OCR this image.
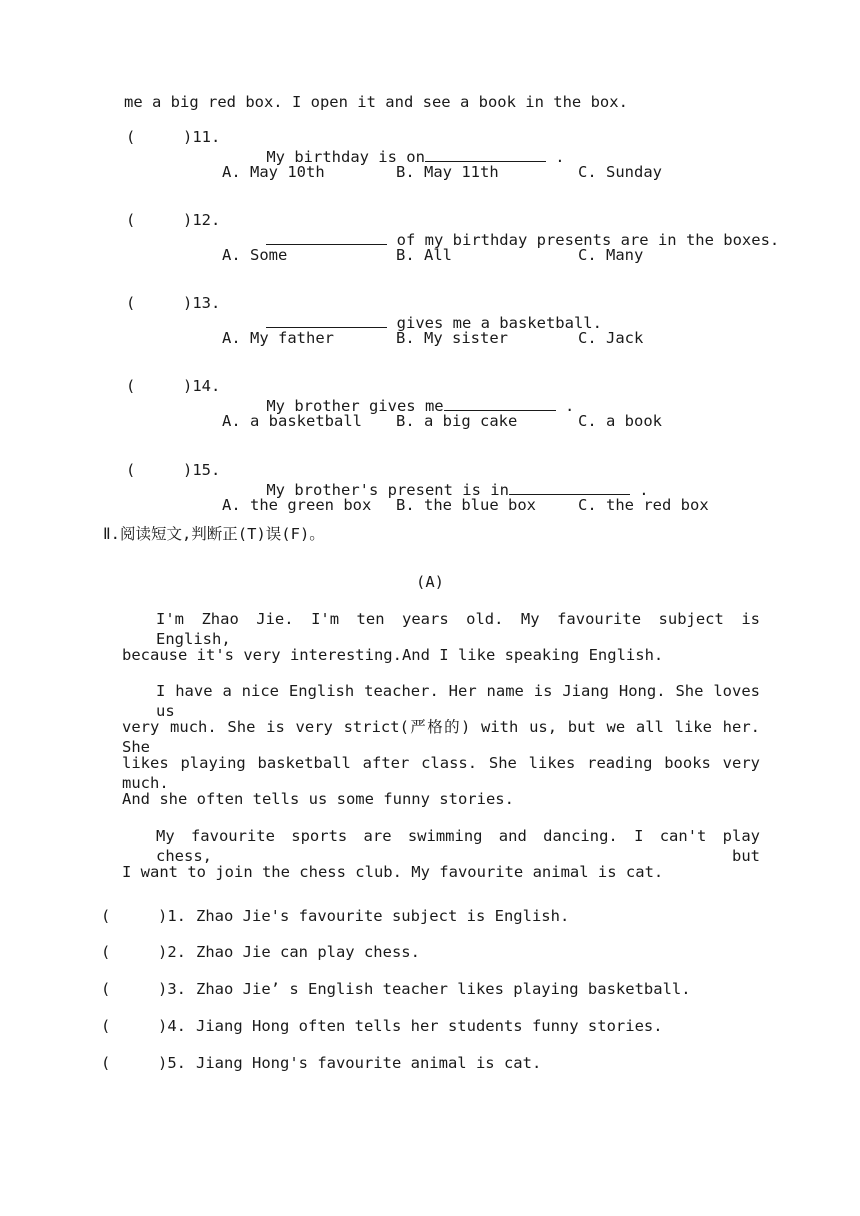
me a big red box. I open it and see a book in the box.
(	)11.

My birthday is on	.

A. May 10th	B. May 11th	C. Sunday
(	)12.

of my birthday presents are in the boxes.

A. Some	B. All	C. Many
(	)13.

gives me a basketball.

A. My father	B. My sister	C. Jack
(	)14.

My brother gives me	.

A. a basketball B. a big cake	C. a book
(	)15.

My brother's present is in	.

A. the green box B. the blue box	C. the red box
Ⅱ.阅读短文,判断正(T)误(F)。
(A)
I'm Zhao Jie. I'm ten years old. My favourite subject is English,
because it's very interesting.And I like speaking English.
I have a nice English teacher. Her name is Jiang Hong. She loves us
very much. She is very strict(严格的) with us, but we all like her. She
likes playing basketball after class. She likes reading books very much.
And she often tells us some funny stories.
My favourite sports are swimming and dancing. I can't play chess, but
I want to join the chess club. My favourite animal is cat.
(	)1. Zhao Jie's favourite subject is English.
(	)2. Zhao Jie can play chess.
(	)3. Zhao Jie’ s English teacher likes playing basketball.
(	)4. Jiang Hong often tells her students funny stories.
(	)5. Jiang Hong's favourite animal is cat.
